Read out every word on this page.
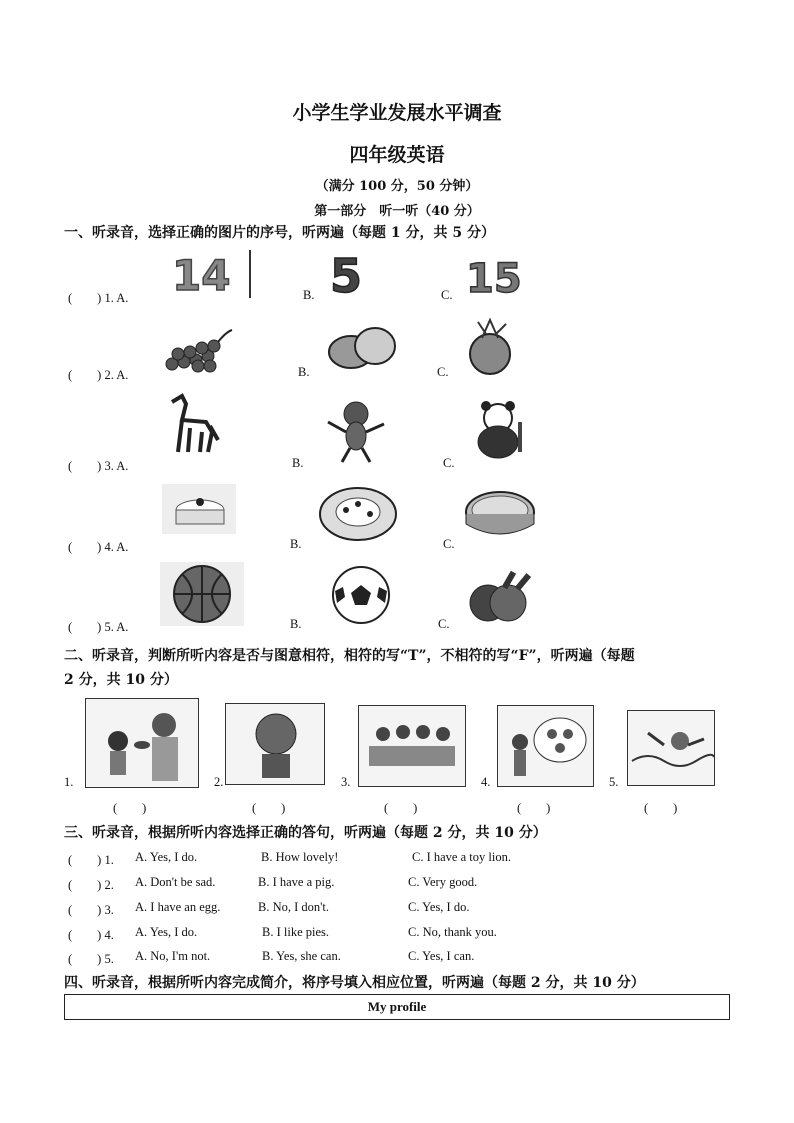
小学生学业发展水平调查
四年级英语
（满分 100 分，50 分钟）
第一部分　听一听（40 分）
一、听录音，选择正确的图片的序号，听两遍（每题 1 分，共 5 分）
(　　) 1. A. 14	B. 5	C. 15
(　　) 2. A.	B.	C.
(　　) 3. A.	B.	C.
(　　) 4. A.	B.	C.
(　　) 5. A.	B.	C.
二、听录音，判断所听内容是否与图意相符，相符的写“T”，不相符的写“F”，听两遍（每题
2 分，共 10 分）
1.
(　　)
2.
(　　)
3.
(　　)
4.
(　　)
5.
(　　)
三、听录音，根据所听内容选择正确的答句，听两遍（每题 2 分，共 10 分）
(　　) 1. A. Yes, I do.	B. How lovely!	C. I have a toy lion.
(　　) 2. A. Don't be sad.	B. I have a pig.	C. Very good.
(　　) 3. A. I have an egg.	B. No, I don't.	C. Yes, I do.
(　　) 4. A. Yes, I do.	B. I like pies.	C. No, thank you.
(　　) 5. A. No, I'm not.	B. Yes, she can.	C. Yes, I can.
四、听录音，根据所听内容完成简介，将序号填入相应位置，听两遍（每题 2 分，共 10 分）
My profile
